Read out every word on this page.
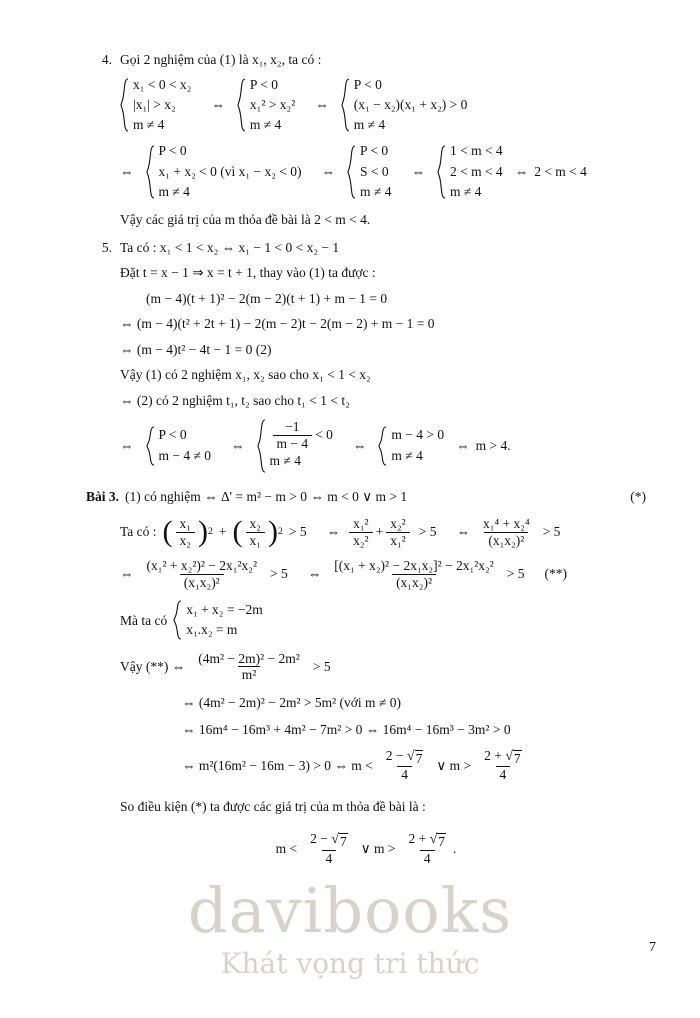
4. Gọi 2 nghiệm của (1) là x₁, x₂, ta có :
x₁ < 0 < x₂
|x₁| > x₂
m ≠ 4
⇔
P < 0
x₁² > x₂²
m ≠ 4
⇔
P < 0
(x₁ − x₂)(x₁ + x₂) > 0
m ≠ 4
⇔
P < 0
x₁ + x₂ < 0 (vì x₁ − x₂ < 0)
m ≠ 4
⇔
P < 0
S < 0
m ≠ 4
⇔
1 < m < 4
2 < m < 4
m ≠ 4
⇔ 2 < m < 4
Vậy các giá trị của m thỏa đề bài là 2 < m < 4.
5. Ta có : x₁ < 1 < x₂ ⇔ x₁ − 1 < 0 < x₂ − 1
Đặt t = x − 1 ⇒ x = t + 1, thay vào (1) ta được :
(m − 4)(t + 1)² − 2(m − 2)(t + 1) + m − 1 = 0
⇔ (m − 4)(t² + 2t + 1) − 2(m − 2)t − 2(m − 2) + m − 1 = 0
⇔ (m − 4)t² − 4t − 1 = 0 (2)
Vậy (1) có 2 nghiệm x₁, x₂ sao cho x₁ < 1 < x₂
⇔ (2) có 2 nghiệm t₁, t₂ sao cho t₁ < 1 < t₂
⇔
P < 0
m − 4 ≠ 0
⇔ $\frac{-1}{m - 4} < 0$
m ≠ 4
⇔
m − 4 > 0
m ≠ 4
⇔ m > 4.
Bài 3. (1) có nghiệm ⇔ Δ' = m² − m > 0 ⇔ m < 0 ∨ m > 1	(*)
Ta có : ( $\frac{\text{x₁}}{\text{x₂}}$ ) 2 + ( $\frac{\text{x₂}}{\text{x₁}}$ ) 2 > 5 ⇔ $\frac{\text{x₁²}}{\text{x₂²}} + \frac{\text{x₂²}}{\text{x₁²}} > 5$ ⇔ $\frac{\text{x₁⁴ + x₂⁴}}{\text{(x₁x₂)²}} > 5$
⇔ $\frac{\text{(x₁² + x₂²)² − 2x₁²x₂²}}{\text{(x₁x₂)²}} > 5$ ⇔ $\frac{\text{[(x₁ + x₂)² − 2x₁x₂]² − 2x₁²x₂²}}{\text{(x₁x₂)²}} > 5$ (**)
Mà ta có
x₁ + x₂ = −2m
x₁.x₂ = m
Vậy (**) ⇔ $\frac{\text{(4m² − 2m)² − 2m²}}{\text{m²}} > 5$
⇔ (4m² − 2m)² − 2m² > 5m² (với m ≠ 0)
⇔ 16m⁴ − 16m³ + 4m² − 7m² > 0 ⇔ 16m⁴ − 16m³ − 3m² > 0
⇔ m²(16m² − 16m − 3) > 0 ⇔ $m < \frac{2 - √ 7}{4}$ ∨ $m > \frac{2 + √ 7}{4}$
So điều kiện (*) ta được các giá trị của m thỏa đề bài là :
$m < \frac{2 - √ 7}{4}$ ∨ $m > \frac{2 + √ 7}{4}$ .
davibooks
Khát vọng tri thức	7
